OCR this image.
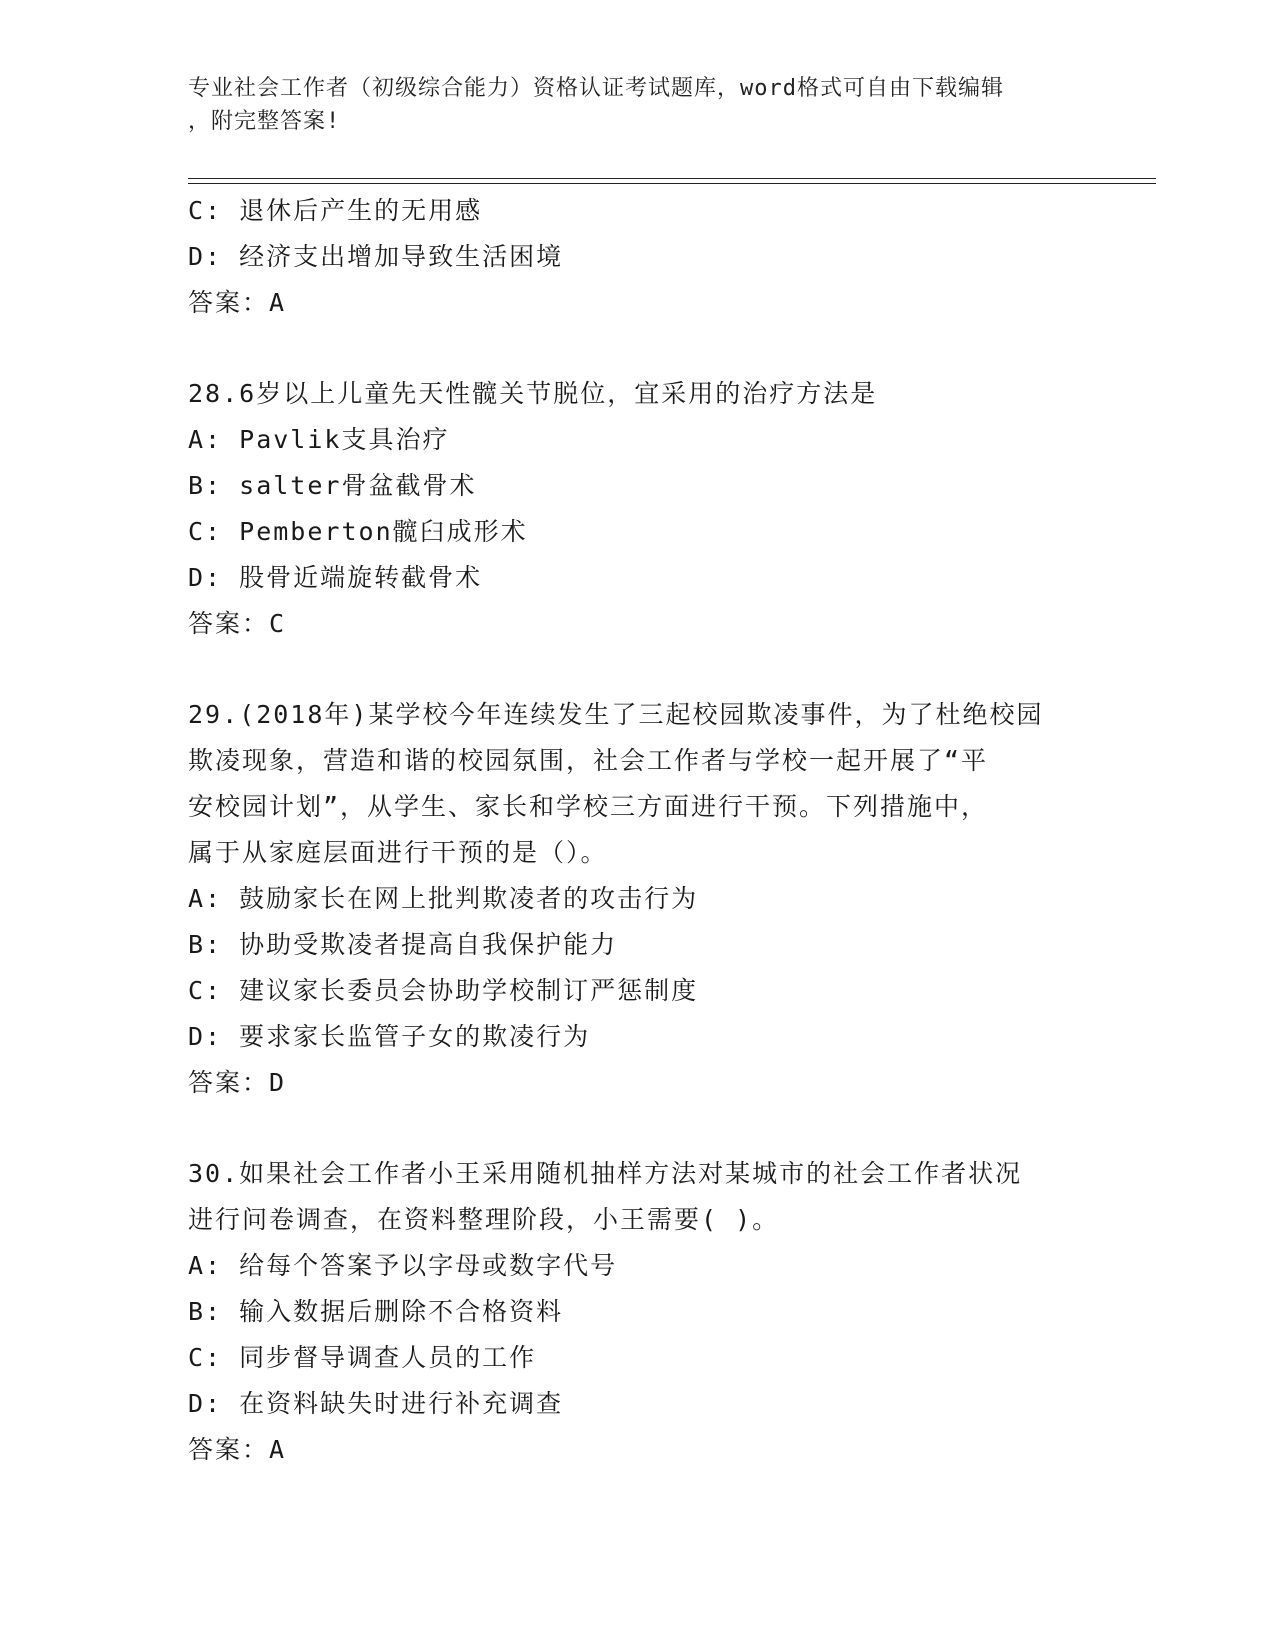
专业社会工作者（初级综合能力）资格认证考试题库，word格式可自由下载编辑
，附完整答案!
C: 退休后产生的无用感
D: 经济支出增加导致生活困境
答案：A
28.6岁以上儿童先天性髋关节脱位，宜采用的治疗方法是
A: Pavlik支具治疗
B: salter骨盆截骨术
C: Pemberton髋臼成形术
D: 股骨近端旋转截骨术
答案：C
29.(2018年)某学校今年连续发生了三起校园欺凌事件，为了杜绝校园
欺凌现象，营造和谐的校园氛围，社会工作者与学校一起开展了“平
安校园计划”，从学生、家长和学校三方面进行干预。下列措施中，
属于从家庭层面进行干预的是（）。
A: 鼓励家长在网上批判欺凌者的攻击行为
B: 协助受欺凌者提高自我保护能力
C: 建议家长委员会协助学校制订严惩制度
D: 要求家长监管子女的欺凌行为
答案：D
30.如果社会工作者小王采用随机抽样方法对某城市的社会工作者状况
进行问卷调查，在资料整理阶段，小王需要( )。
A: 给每个答案予以字母或数字代号
B: 输入数据后删除不合格资料
C: 同步督导调查人员的工作
D: 在资料缺失时进行补充调查
答案：A
